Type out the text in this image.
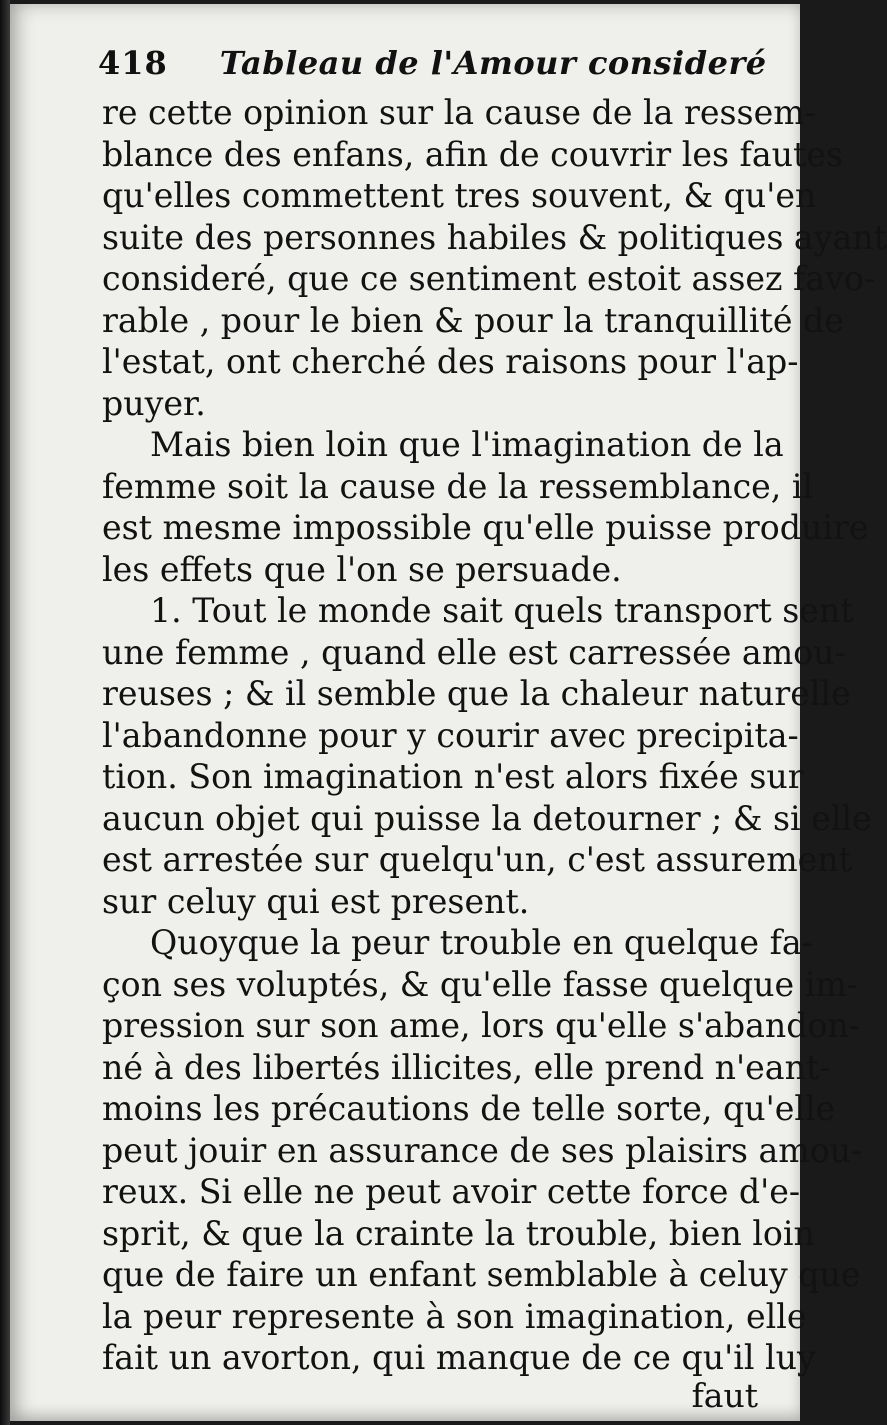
418 Tableau de l'Amour consideré
re cette opinion sur la cause de la ressem-
blance des enfans, afin de couvrir les fautes
qu'elles commettent tres souvent, & qu'en
suite des personnes habiles & politiques ayant
consideré, que ce sentiment estoit assez favo-
rable , pour le bien & pour la tranquillité de
l'estat, ont cherché des raisons pour l'ap-
puyer.
Mais bien loin que l'imagination de la
femme soit la cause de la ressemblance, il
est mesme impossible qu'elle puisse produire
les effets que l'on se persuade.
1. Tout le monde sait quels transport sent
une femme , quand elle est carressée amou-
reuses ; & il semble que la chaleur naturelle
l'abandonne pour y courir avec precipita-
tion. Son imagination n'est alors fixée sur
aucun objet qui puisse la detourner ; & si elle
est arrestée sur quelqu'un, c'est assurement
sur celuy qui est present.
Quoyque la peur trouble en quelque fa-
çon ses voluptés, & qu'elle fasse quelque im-
pression sur son ame, lors qu'elle s'abandon-
né à des libertés illicites, elle prend n'eant-
moins les précautions de telle sorte, qu'elle
peut jouir en assurance de ses plaisirs amou-
reux. Si elle ne peut avoir cette force d'e-
sprit, & que la crainte la trouble, bien loin
que de faire un enfant semblable à celuy que
la peur represente à son imagination, elle
fait un avorton, qui manque de ce qu'il luy
faut
